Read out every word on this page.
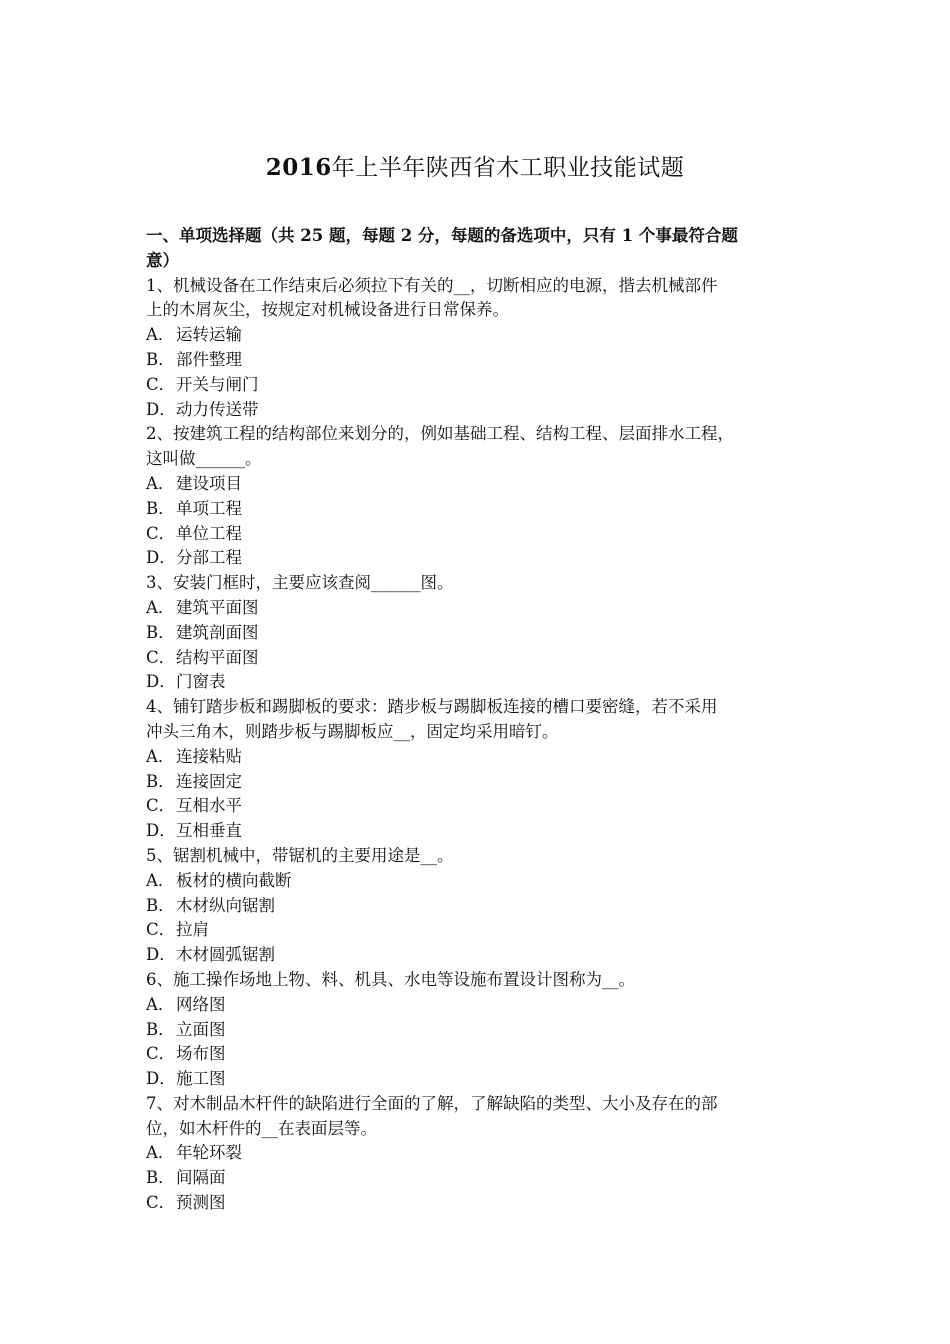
2016年上半年陕西省木工职业技能试题

一、单项选择题（共 25 题，每题 2 分，每题的备选项中，只有 1 个事最符合题

意）

1、机械设备在工作结束后必须拉下有关的__，切断相应的电源，揩去机械部件

上的木屑灰尘，按规定对机械设备进行日常保养。

A．运转运输

B．部件整理

C．开关与闸门

D．动力传送带

2、按建筑工程的结构部位来划分的，例如基础工程、结构工程、层面排水工程，

这叫做______。

A．建设项目

B．单项工程

C．单位工程

D．分部工程

3、安装门框时，主要应该查阅______图。

A．建筑平面图

B．建筑剖面图

C．结构平面图

D．门窗表

4、铺钉踏步板和踢脚板的要求：踏步板与踢脚板连接的槽口要密缝，若不采用

冲头三角木，则踏步板与踢脚板应__，固定均采用暗钉。

A．连接粘贴

B．连接固定

C．互相水平

D．互相垂直

5、锯割机械中，带锯机的主要用途是__。

A．板材的横向截断

B．木材纵向锯割

C．拉肩

D．木材圆弧锯割

6、施工操作场地上物、料、机具、水电等设施布置设计图称为__。

A．网络图

B．立面图

C．场布图

D．施工图

7、对木制品木杆件的缺陷进行全面的了解，了解缺陷的类型、大小及存在的部

位，如木杆件的__在表面层等。

A．年轮环裂

B．间隔面

C．预测图
